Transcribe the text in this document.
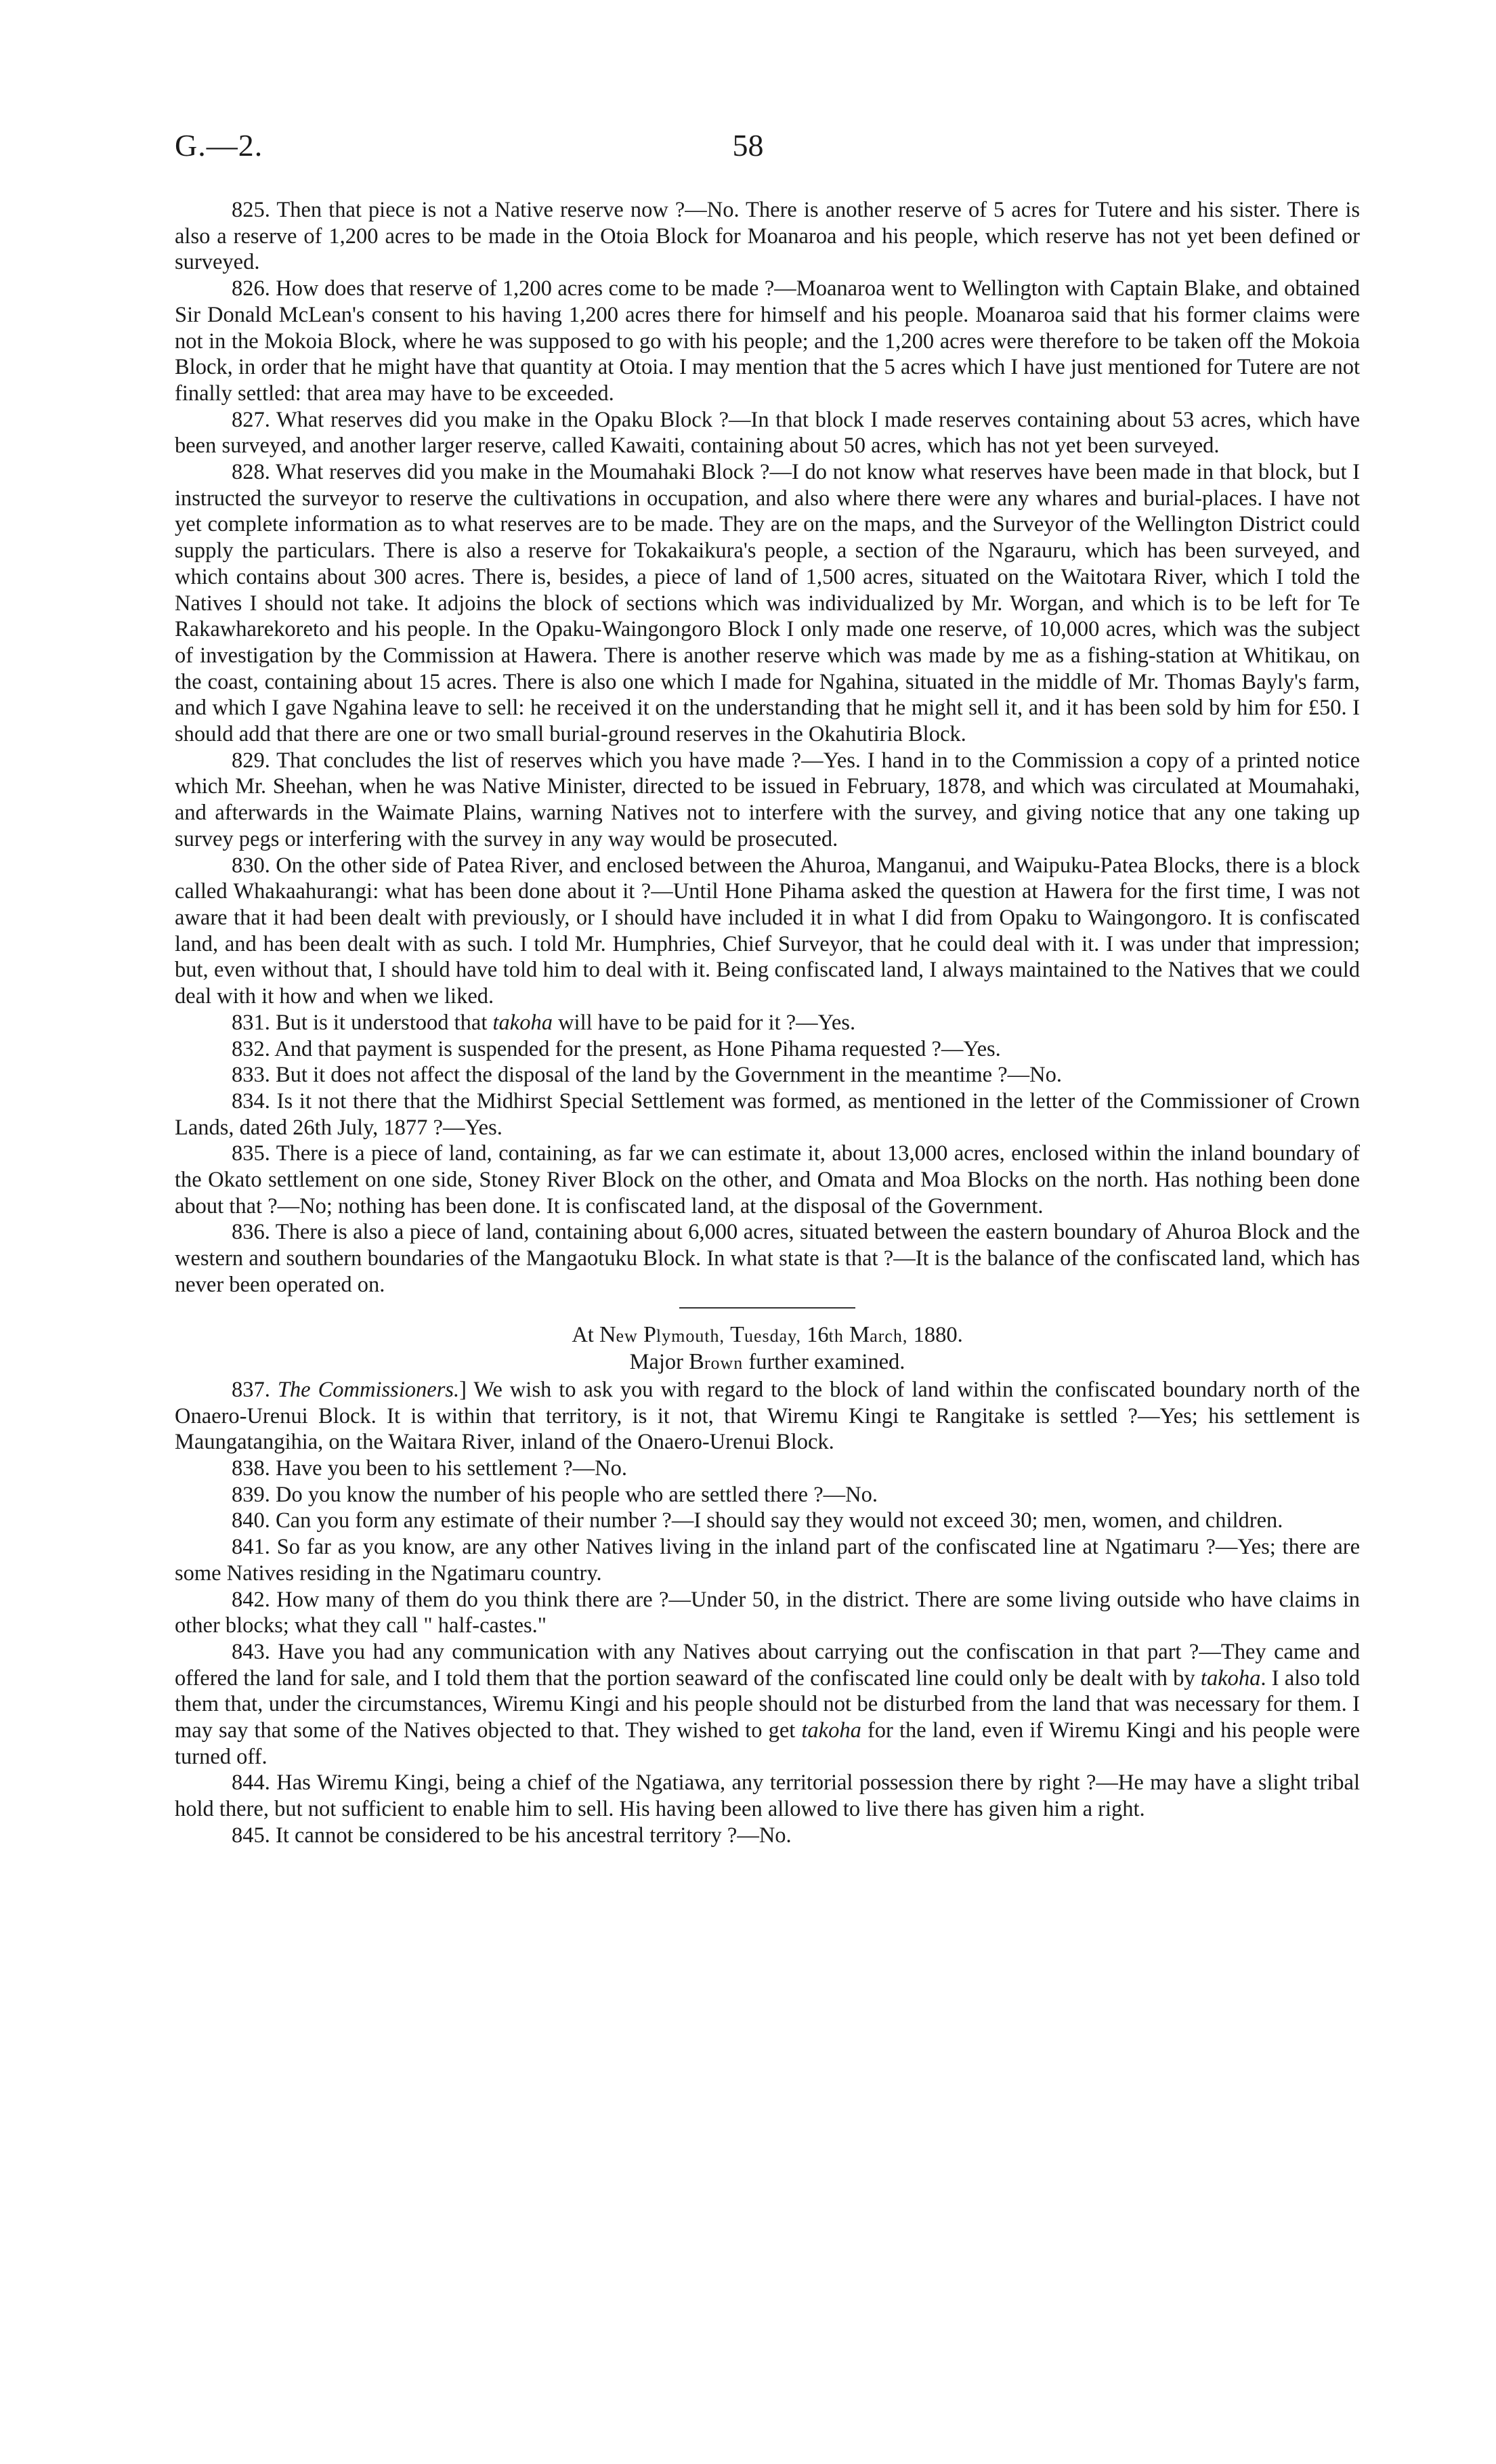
G.—2.	58

825. Then that piece is not a Native reserve now ?—No. There is another reserve of 5 acres for Tutere and his sister. There is also a reserve of 1,200 acres to be made in the Otoia Block for Moanaroa and his people, which reserve has not yet been defined or surveyed.

826. How does that reserve of 1,200 acres come to be made ?—Moanaroa went to Wellington with Captain Blake, and obtained Sir Donald McLean's consent to his having 1,200 acres there for himself and his people. Moanaroa said that his former claims were not in the Mokoia Block, where he was supposed to go with his people; and the 1,200 acres were therefore to be taken off the Mokoia Block, in order that he might have that quantity at Otoia. I may mention that the 5 acres which I have just mentioned for Tutere are not finally settled: that area may have to be exceeded.

827. What reserves did you make in the Opaku Block ?—In that block I made reserves containing about 53 acres, which have been surveyed, and another larger reserve, called Kawaiti, containing about 50 acres, which has not yet been surveyed.

828. What reserves did you make in the Moumahaki Block ?—I do not know what reserves have been made in that block, but I instructed the surveyor to reserve the cultivations in occupation, and also where there were any whares and burial-places. I have not yet complete information as to what reserves are to be made. They are on the maps, and the Surveyor of the Wellington District could supply the particulars. There is also a reserve for Tokakaikura's people, a section of the Ngarauru, which has been surveyed, and which contains about 300 acres. There is, besides, a piece of land of 1,500 acres, situated on the Waitotara River, which I told the Natives I should not take. It adjoins the block of sections which was individualized by Mr. Worgan, and which is to be left for Te Rakawharekoreto and his people. In the Opaku-Waingongoro Block I only made one reserve, of 10,000 acres, which was the subject of investigation by the Commission at Hawera. There is another reserve which was made by me as a fishing-station at Whitikau, on the coast, containing about 15 acres. There is also one which I made for Ngahina, situated in the middle of Mr. Thomas Bayly's farm, and which I gave Ngahina leave to sell: he received it on the understanding that he might sell it, and it has been sold by him for £50. I should add that there are one or two small burial-ground reserves in the Okahutiria Block.

829. That concludes the list of reserves which you have made ?—Yes. I hand in to the Commission a copy of a printed notice which Mr. Sheehan, when he was Native Minister, directed to be issued in February, 1878, and which was circulated at Moumahaki, and afterwards in the Waimate Plains, warning Natives not to interfere with the survey, and giving notice that any one taking up survey pegs or interfering with the survey in any way would be prosecuted.

830. On the other side of Patea River, and enclosed between the Ahuroa, Manganui, and Waipuku-Patea Blocks, there is a block called Whakaahurangi: what has been done about it ?—Until Hone Pihama asked the question at Hawera for the first time, I was not aware that it had been dealt with previously, or I should have included it in what I did from Opaku to Waingongoro. It is confiscated land, and has been dealt with as such. I told Mr. Humphries, Chief Surveyor, that he could deal with it. I was under that impression; but, even without that, I should have told him to deal with it. Being confiscated land, I always maintained to the Natives that we could deal with it how and when we liked.

831. But is it understood that takoha will have to be paid for it ?—Yes.

832. And that payment is suspended for the present, as Hone Pihama requested ?—Yes.

833. But it does not affect the disposal of the land by the Government in the meantime ?—No.

834. Is it not there that the Midhirst Special Settlement was formed, as mentioned in the letter of the Commissioner of Crown Lands, dated 26th July, 1877 ?—Yes.

835. There is a piece of land, containing, as far we can estimate it, about 13,000 acres, enclosed within the inland boundary of the Okato settlement on one side, Stoney River Block on the other, and Omata and Moa Blocks on the north. Has nothing been done about that ?—No; nothing has been done. It is confiscated land, at the disposal of the Government.

836. There is also a piece of land, containing about 6,000 acres, situated between the eastern boundary of Ahuroa Block and the western and southern boundaries of the Mangaotuku Block. In what state is that ?—It is the balance of the confiscated land, which has never been operated on.

At New Plymouth, Tuesday, 16th March, 1880.

Major Brown further examined.

837. The Commissioners.] We wish to ask you with regard to the block of land within the confiscated boundary north of the Onaero-Urenui Block. It is within that territory, is it not, that Wiremu Kingi te Rangitake is settled ?—Yes; his settlement is Maungatangihia, on the Waitara River, inland of the Onaero-Urenui Block.

838. Have you been to his settlement ?—No.

839. Do you know the number of his people who are settled there ?—No.

840. Can you form any estimate of their number ?—I should say they would not exceed 30; men, women, and children.

841. So far as you know, are any other Natives living in the inland part of the confiscated line at Ngatimaru ?—Yes; there are some Natives residing in the Ngatimaru country.

842. How many of them do you think there are ?—Under 50, in the district. There are some living outside who have claims in other blocks; what they call " half-castes."

843. Have you had any communication with any Natives about carrying out the confiscation in that part ?—They came and offered the land for sale, and I told them that the portion seaward of the confiscated line could only be dealt with by takoha. I also told them that, under the circumstances, Wiremu Kingi and his people should not be disturbed from the land that was necessary for them. I may say that some of the Natives objected to that. They wished to get takoha for the land, even if Wiremu Kingi and his people were turned off.

844. Has Wiremu Kingi, being a chief of the Ngatiawa, any territorial possession there by right ?—He may have a slight tribal hold there, but not sufficient to enable him to sell. His having been allowed to live there has given him a right.

845. It cannot be considered to be his ancestral territory ?—No.
